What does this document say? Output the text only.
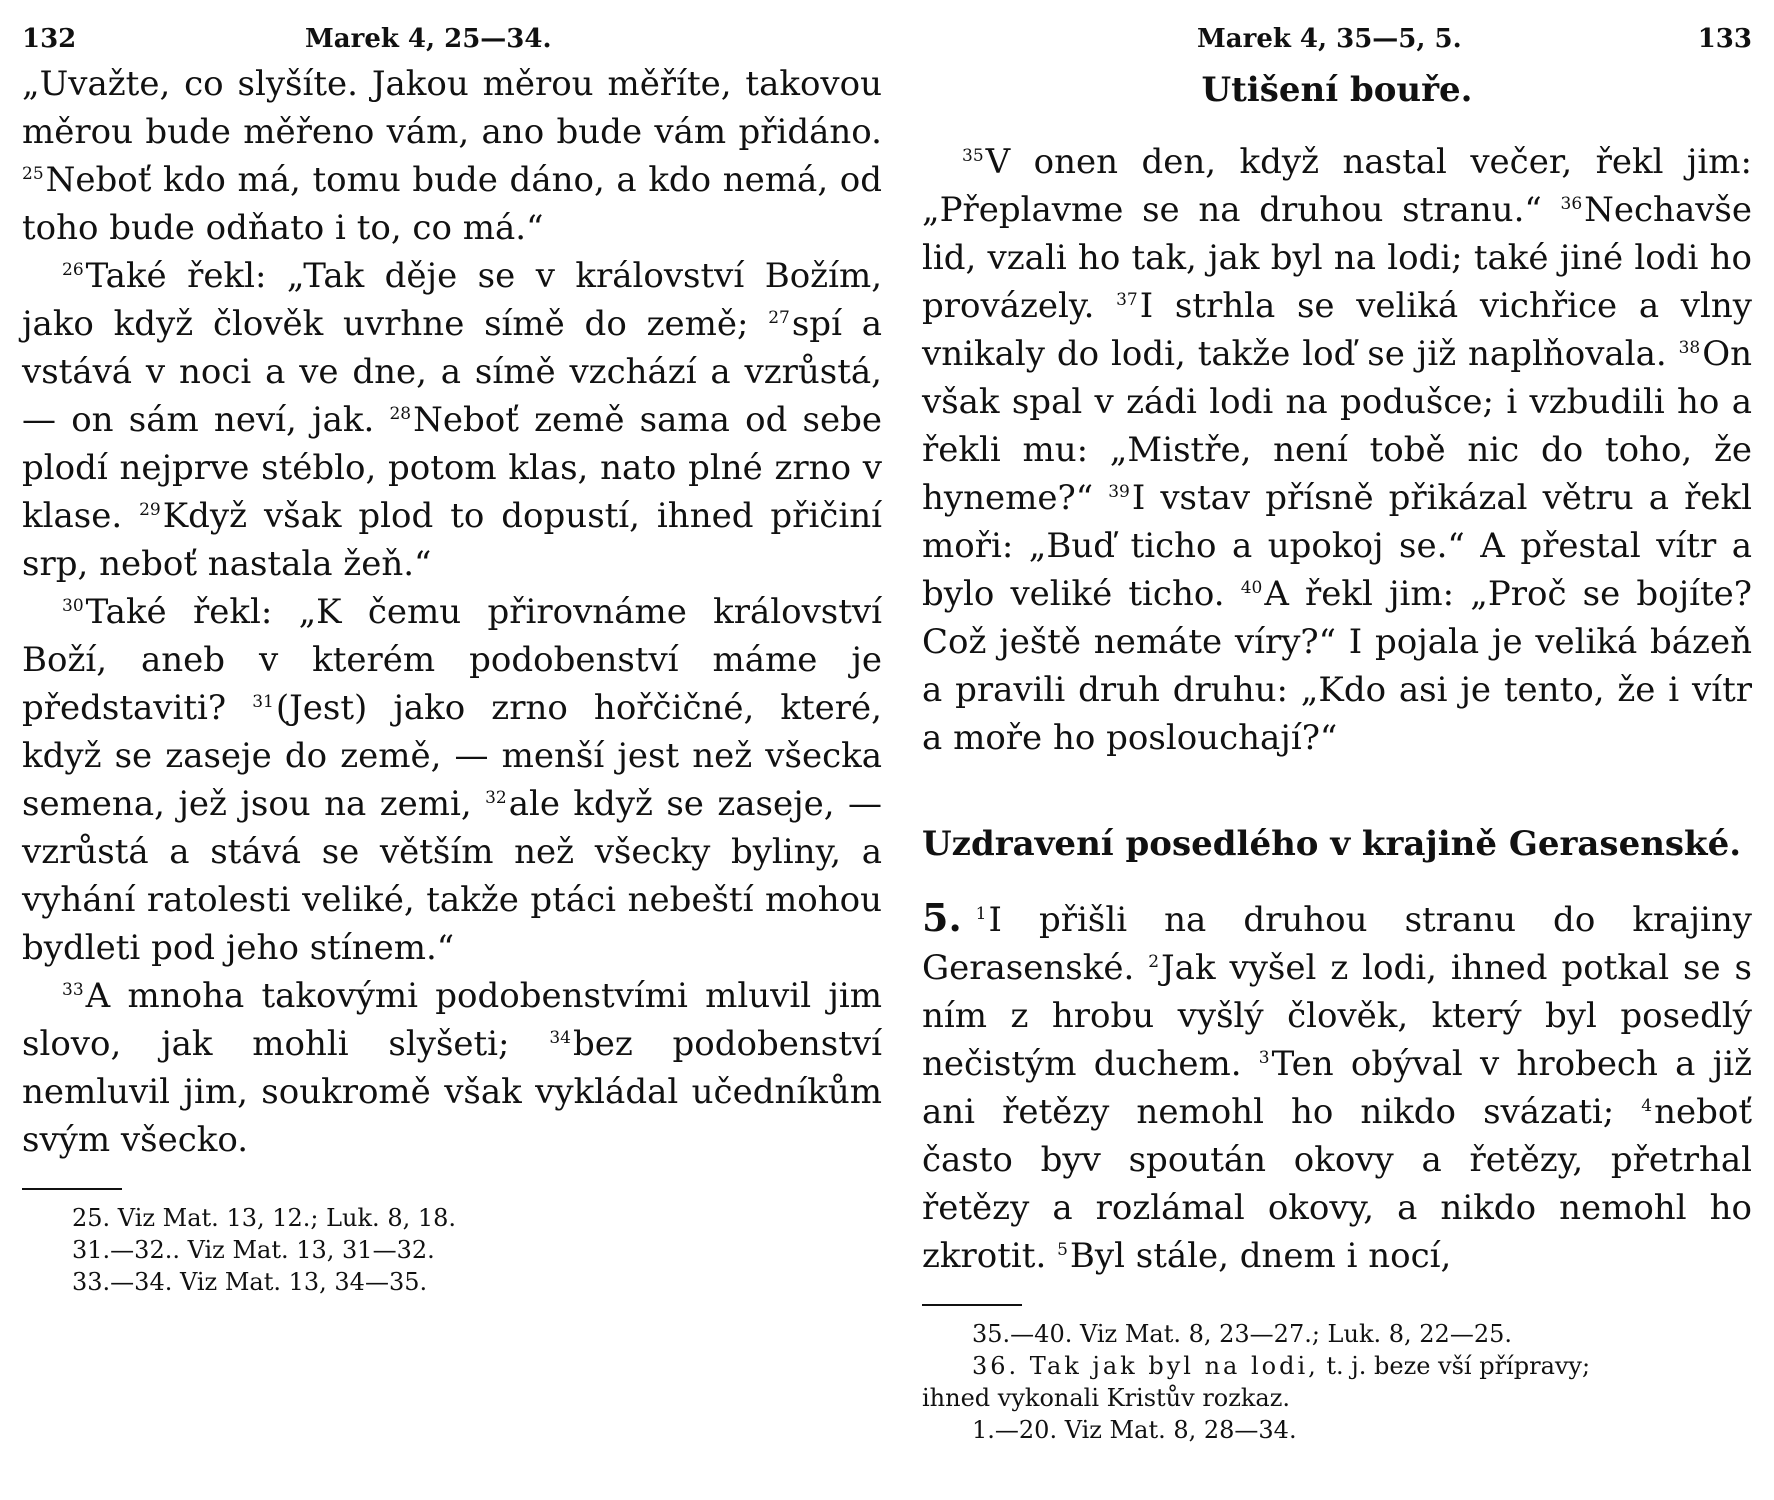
132	Marek 4, 25—34.

„Uvažte, co slyšíte. Jakou měrou měříte, takovou měrou bude měřeno vám, ano bude vám přidáno. $^{25}$Neboť kdo má, tomu bude dáno, a kdo nemá, od toho bude odňato i to, co má.“

$^{26}$Také řekl: „Tak děje se v království Božím, jako když člověk uvrhne símě do země; $^{27}$spí a vstává v noci a ve dne, a símě vzchází a vzrůstá, — on sám neví, jak. $^{28}$Neboť země sama od sebe plodí nejprve stéblo, potom klas, nato plné zrno v klase. $^{29}$Když však plod to dopustí, ihned přičiní srp, neboť nastala žeň.“

$^{30}$Také řekl: „K čemu přirovnáme království Boží, aneb v kterém podobenství máme je představiti? $^{31}$(Jest) jako zrno hořčičné, které, když se zaseje do země, — menší jest než všecka semena, jež jsou na zemi, $^{32}$ale když se zaseje, — vzrůstá a stává se větším než všecky byliny, a vyhání ratolesti veliké, takže ptáci nebeští mohou bydleti pod jeho stínem.“

$^{33}$A mnoha takovými podobenstvími mluvil jim slovo, jak mohli slyšeti; $^{34}$bez podobenství nemluvil jim, soukromě však vykládal učedníkům svým všecko.

25. Viz Mat. 13, 12.; Luk. 8, 18.
31.—32.. Viz Mat. 13, 31—32.
33.—34. Viz Mat. 13, 34—35.
Marek 4, 35—5, 5.	133
Utišení bouře.

$^{35}$V onen den, když nastal večer, řekl jim: „Přeplavme se na druhou stranu.“ $^{36}$Nechavše lid, vzali ho tak, jak byl na lodi; také jiné lodi ho provázely. $^{37}$I strhla se veliká vichřice a vlny vnikaly do lodi, takže loď se již naplňovala. $^{38}$On však spal v zádi lodi na podušce; i vzbudili ho a řekli mu: „Mistře, není tobě nic do toho, že hyneme?“ $^{39}$I vstav přísně přikázal větru a řekl moři: „Buď ticho a upokoj se.“ A přestal vítr a bylo veliké ticho. $^{40}$A řekl jim: „Proč se bojíte? Což ještě nemáte víry?“ I pojala je veliká bázeň a pravili druh druhu: „Kdo asi je tento, že i vítr a moře ho poslouchají?“

Uzdravení posedlého v krajině Gerasenské.

5. $^1$I přišli na druhou stranu do krajiny Gerasenské. $^2$Jak vyšel z lodi, ihned potkal se s ním z hrobu vyšlý člověk, který byl posedlý nečistým duchem. $^3$Ten obýval v hrobech a již ani řetězy nemohl ho nikdo svázati; $^4$neboť často byv spoután okovy a řetězy, přetrhal řetězy a rozlámal okovy, a nikdo nemohl ho zkrotit. $^5$Byl stále, dnem i nocí,

35.—40. Viz Mat. 8, 23—27.; Luk. 8, 22—25.
36. Tak jak byl na lodi, t. j. beze vší přípravy;
ihned vykonali Kristův rozkaz.
1.—20. Viz Mat. 8, 28—34.
